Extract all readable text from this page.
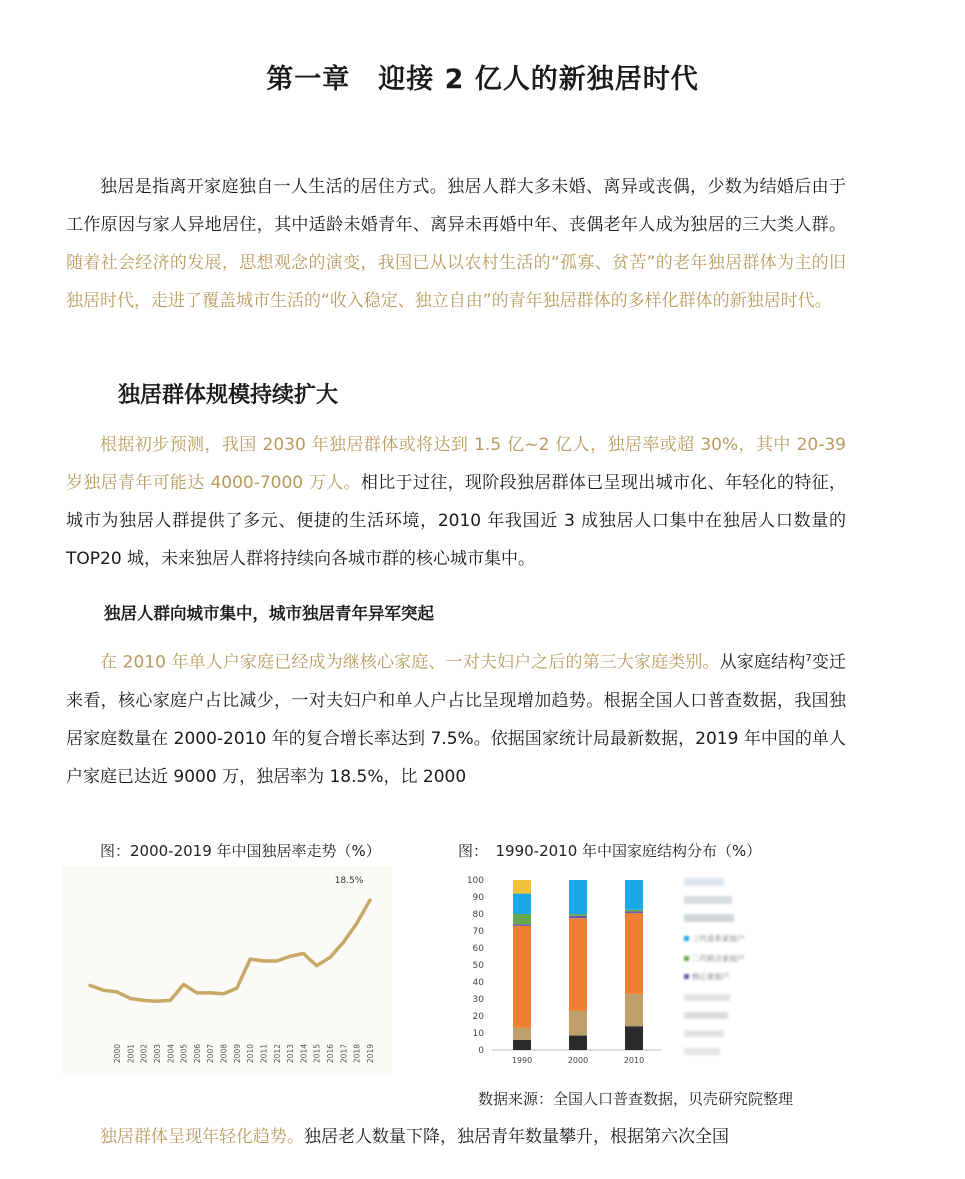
第一章　迎接 2 亿人的新独居时代

独居是指离开家庭独自一人生活的居住方式。独居人群大多未婚、离异或丧偶，少数为结婚后由于工作原因与家人异地居住，其中适龄未婚青年、离异未再婚中年、丧偶老年人成为独居的三大类人群。随着社会经济的发展，思想观念的演变，我国已从以农村生活的“孤寡、贫苦”的老年独居群体为主的旧独居时代，走进了覆盖城市生活的“收入稳定、独立自由”的青年独居群体的多样化群体的新独居时代。

独居群体规模持续扩大

根据初步预测，我国 2030 年独居群体或将达到 1.5 亿~2 亿人，独居率或超 30%，其中 20-39 岁独居青年可能达 4000-7000 万人。相比于过往，现阶段独居群体已呈现出城市化、年轻化的特征，城市为独居人群提供了多元、便捷的生活环境，2010 年我国近 3 成独居人口集中在独居人口数量的 TOP20 城，未来独居人群将持续向各城市群的核心城市集中。

独居人群向城市集中，城市独居青年异军突起

在 2010 年单人户家庭已经成为继核心家庭、一对夫妇户之后的第三大家庭类别。从家庭结构$^7$变迁来看，核心家庭户占比减少，一对夫妇户和单人户占比呈现增加趋势。根据全国人口普查数据，我国独居家庭数量在 2000-2010 年的复合增长率达到 7.5%。依据国家统计局最新数据，2019 年中国的单人户家庭已达近 9000 万，独居率为 18.5%，比 2000

图：2000-2019 年中国独居率走势（%）	图：　1990-2010 年中国家庭结构分布（%）
2000 2001 2002 2003 2004 2005 2006 2007 2008 2009 2010 2011 2012 2013 2014 2015 2016 2017 2018 2019
18.5%
0
10
20
30
40
50
60
70
80
90
100
1990	2000	2010
三代直系家庭户
二代联合家庭户
核心家庭户
数据来源：全国人口普查数据，贝壳研究院整理

独居群体呈现年轻化趋势。独居老人数量下降，独居青年数量攀升，根据第六次全国
